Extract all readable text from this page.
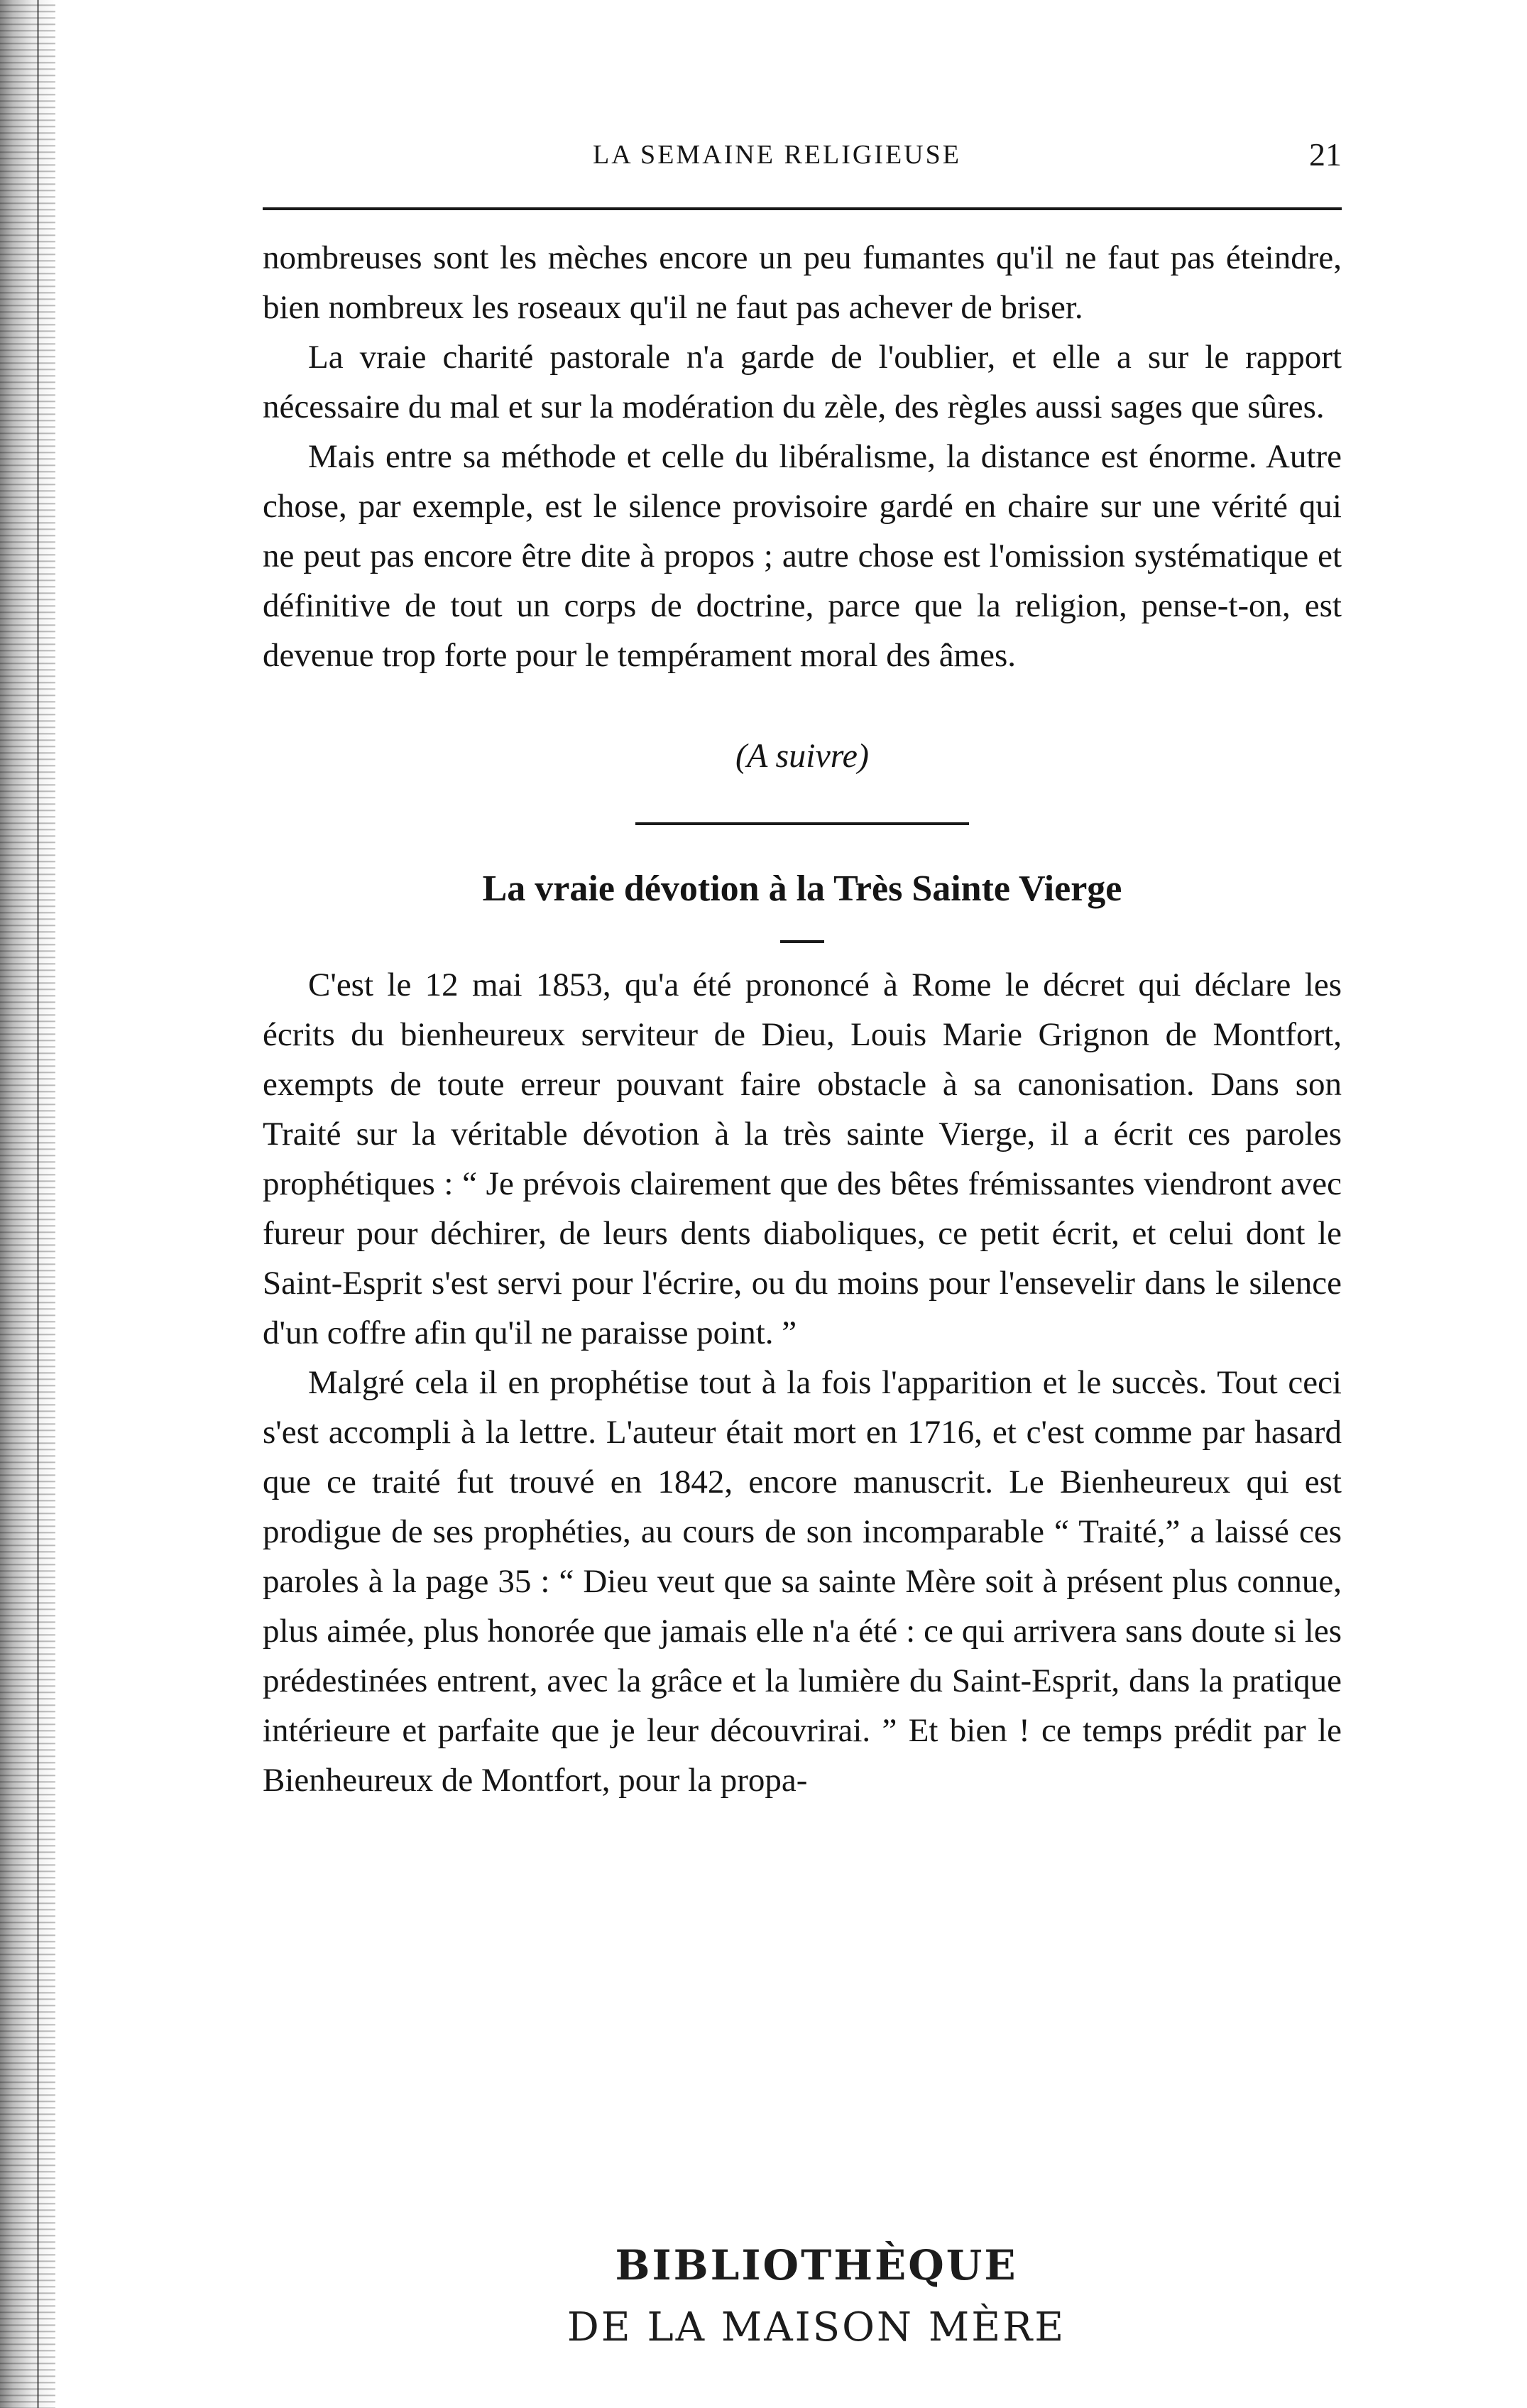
LA SEMAINE RELIGIEUSE	21

nombreuses sont les mèches encore un peu fumantes qu'il ne faut pas éteindre, bien nombreux les roseaux qu'il ne faut pas achever de briser.

La vraie charité pastorale n'a garde de l'oublier, et elle a sur le rapport nécessaire du mal et sur la modération du zèle, des règles aussi sages que sûres.

Mais entre sa méthode et celle du libéralisme, la distance est énorme. Autre chose, par exemple, est le silence provisoire gardé en chaire sur une vérité qui ne peut pas encore être dite à propos ; autre chose est l'omission systématique et définitive de tout un corps de doctrine, parce que la religion, pense-t-on, est devenue trop forte pour le tempérament moral des âmes.

(A suivre)

La vraie dévotion à la Très Sainte Vierge

C'est le 12 mai 1853, qu'a été prononcé à Rome le décret qui déclare les écrits du bienheureux serviteur de Dieu, Louis Marie Grignon de Montfort, exempts de toute erreur pouvant faire obstacle à sa canonisation. Dans son Traité sur la véritable dévotion à la très sainte Vierge, il a écrit ces paroles prophétiques : “ Je prévois clairement que des bêtes frémissantes viendront avec fureur pour déchirer, de leurs dents diaboliques, ce petit écrit, et celui dont le Saint-Esprit s'est servi pour l'écrire, ou du moins pour l'ensevelir dans le silence d'un coffre afin qu'il ne paraisse point. ”

Malgré cela il en prophétise tout à la fois l'apparition et le succès. Tout ceci s'est accompli à la lettre. L'auteur était mort en 1716, et c'est comme par hasard que ce traité fut trouvé en 1842, encore manuscrit. Le Bienheureux qui est prodigue de ses prophéties, au cours de son incomparable “ Traité,” a laissé ces paroles à la page 35 : “ Dieu veut que sa sainte Mère soit à présent plus connue, plus aimée, plus honorée que jamais elle n'a été : ce qui arrivera sans doute si les prédestinées entrent, avec la grâce et la lumière du Saint-Esprit, dans la pratique intérieure et parfaite que je leur découvrirai. ” Et bien ! ce temps prédit par le Bienheureux de Montfort, pour la propa-

BIBLIOTHÈQUE
DE LA MAISON MÈRE
